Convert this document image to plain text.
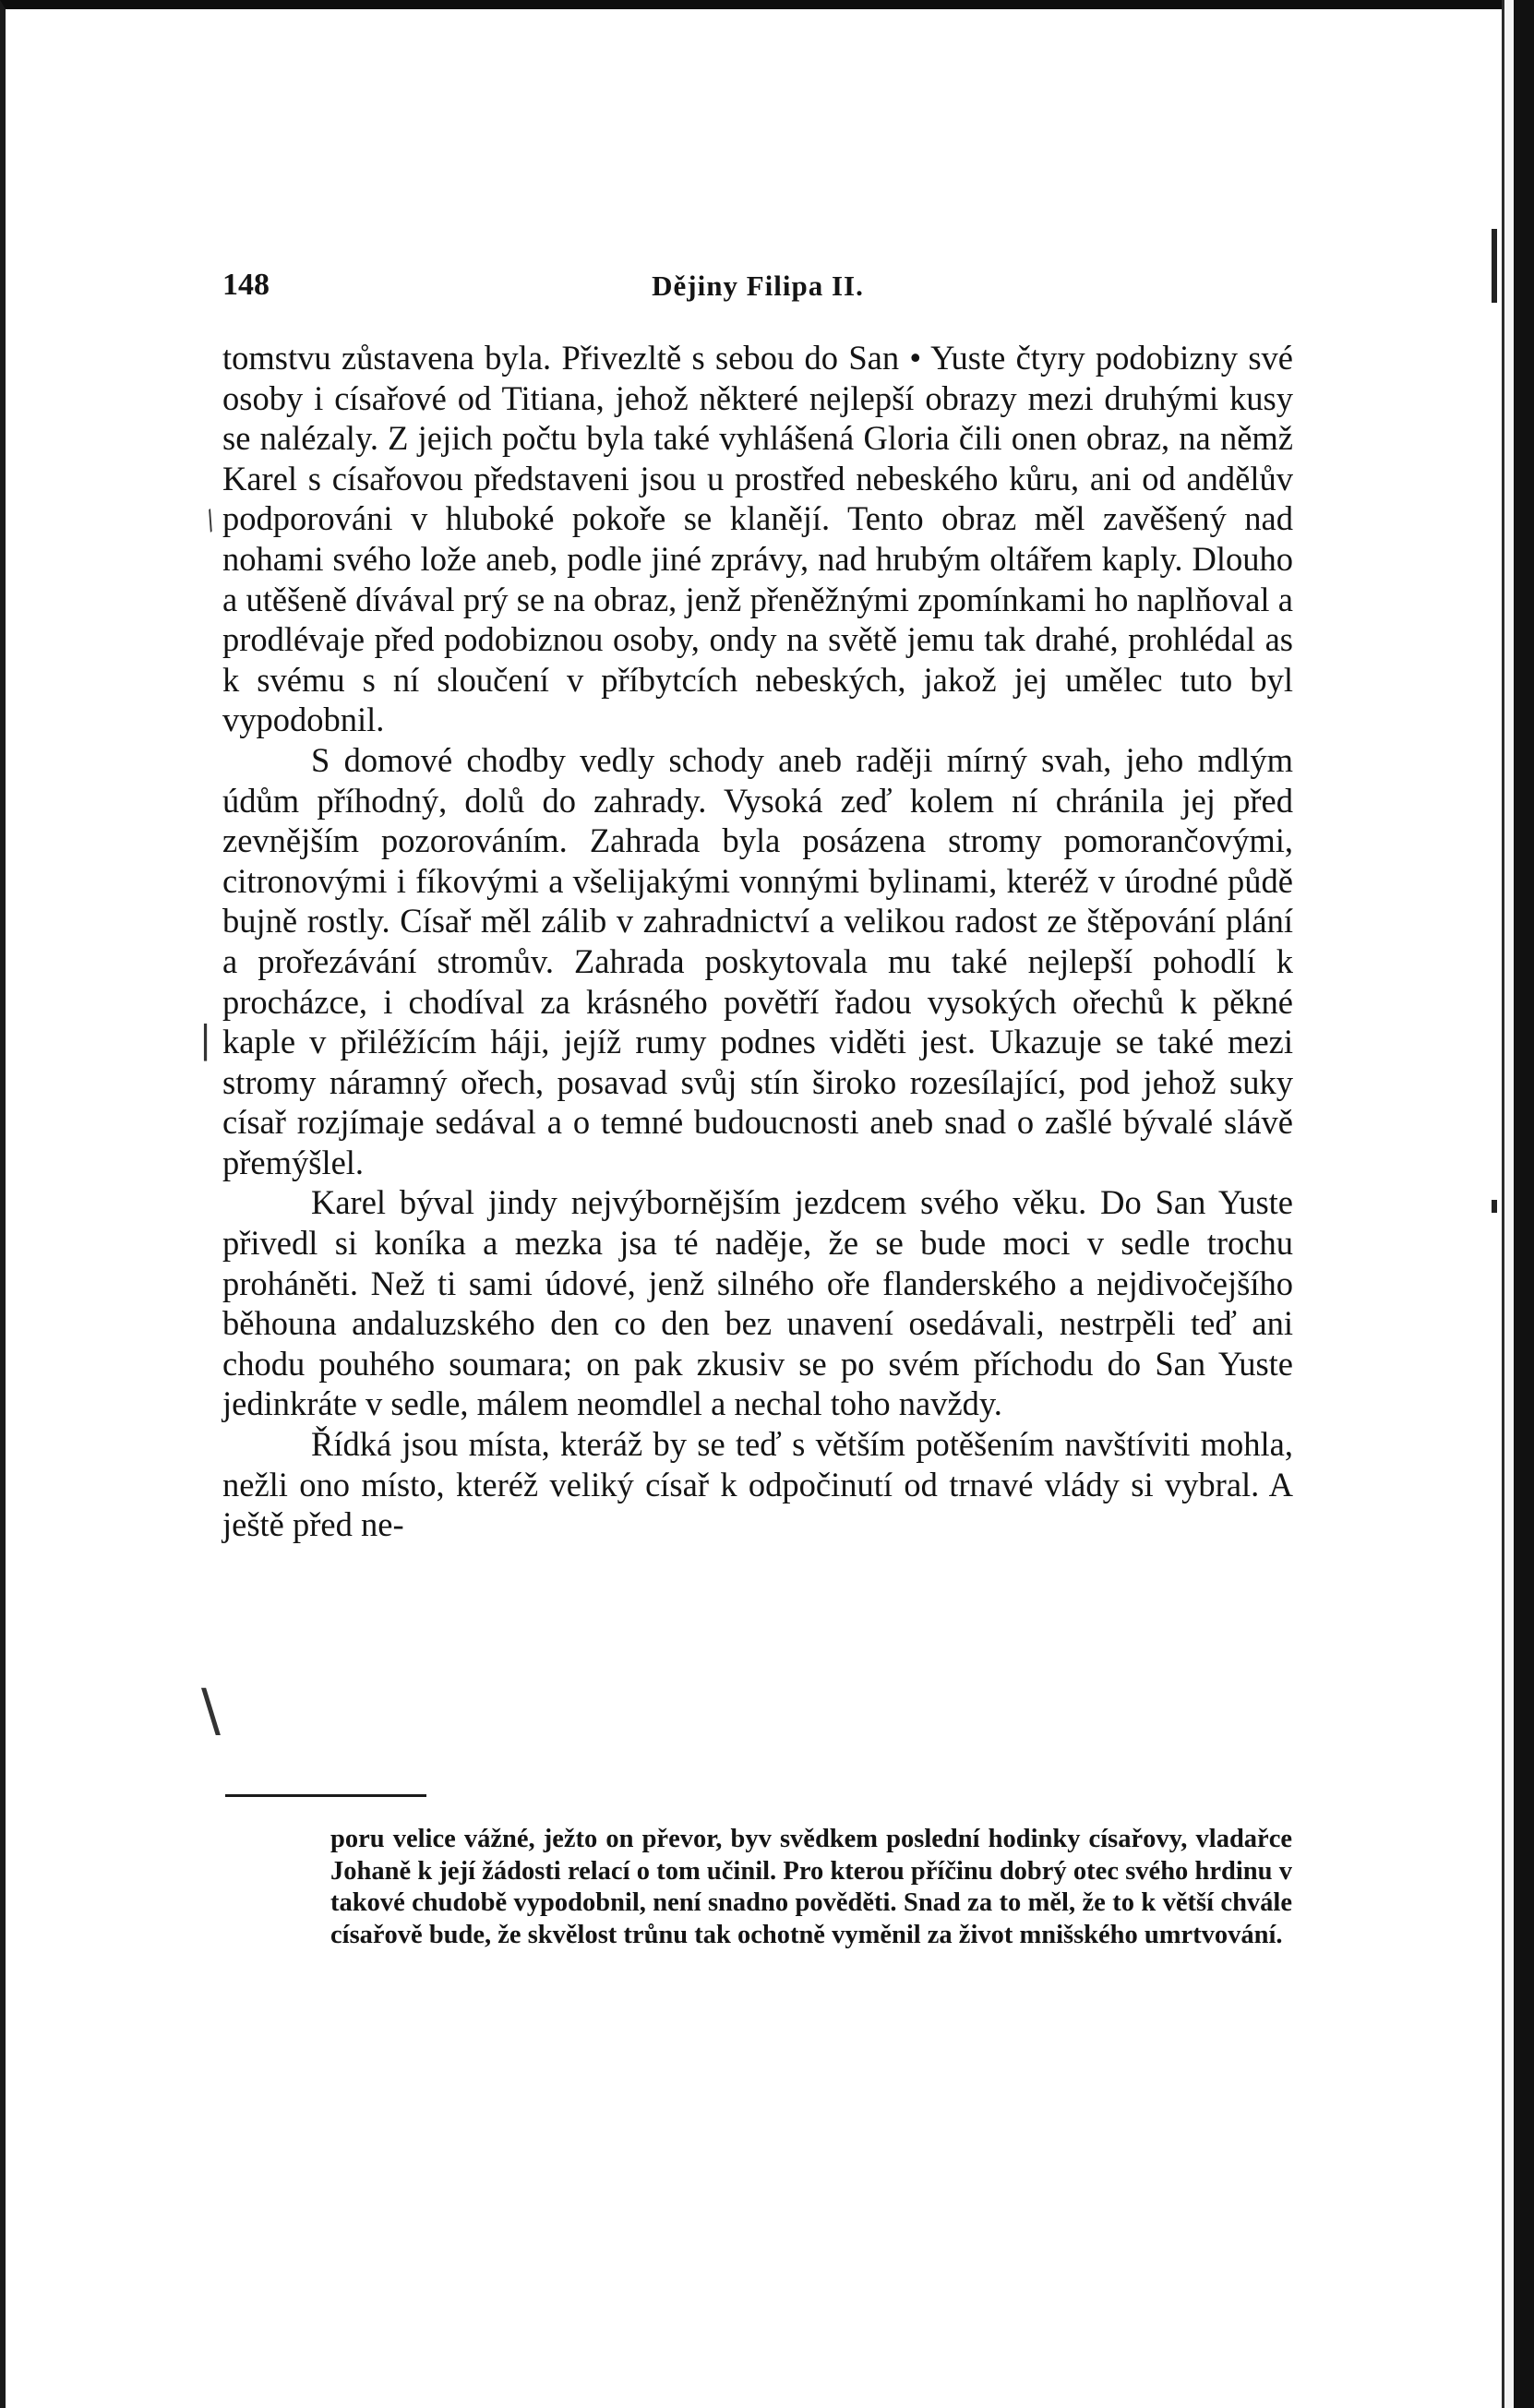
148	Dějiny Filipa II.

tomstvu zůstavena byla. Přivezltě s sebou do San • Yuste čtyry podobizny své osoby i císařové od Titiana, jehož některé nejlepší obrazy mezi druhými kusy se nalézaly. Z jejich počtu byla také vyhlášená Gloria čili onen obraz, na němž Karel s císařovou představeni jsou u prostřed nebeského kůru, ani od andělův podporováni v hluboké pokoře se klanějí. Tento obraz měl zavěšený nad nohami svého lože aneb, podle jiné zprávy, nad hrubým oltářem kaply. Dlouho a utěšeně dívával prý se na obraz, jenž přeněžnými zpomínkami ho naplňoval a prodlévaje před podobiznou osoby, ondy na světě jemu tak drahé, prohlédal as k svému s ní sloučení v příbytcích nebeských, jakož jej umělec tuto byl vypodobnil.

S domové chodby vedly schody aneb raději mírný svah, jeho mdlým údům příhodný, dolů do zahrady. Vysoká zeď kolem ní chránila jej před zevnějším pozorováním. Zahrada byla posázena stromy pomorančovými, citronovými i fíkovými a všelijakými vonnými bylinami, kteréž v úrodné půdě bujně rostly. Císař měl zálib v zahradnictví a velikou radost ze štěpování plání a prořezávání stromův. Zahrada poskytovala mu také nejlepší pohodlí k procházce, i chodíval za krásného povětří řadou vysokých ořechů k pěkné kaple v přiléžícím háji, jejíž rumy podnes viděti jest. Ukazuje se také mezi stromy náramný ořech, posavad svůj stín široko rozesílající, pod jehož suky císař rozjímaje sedával a o temné budoucnosti aneb snad o zašlé bývalé slávě přemýšlel.

Karel býval jindy nejvýbornějším jezdcem svého věku. Do San Yuste přivedl si koníka a mezka jsa té naděje, že se bude moci v sedle trochu proháněti. Než ti sami údové, jenž silného oře flanderského a nejdivočejšího běhouna andaluzského den co den bez unavení osedávali, nestrpěli teď ani chodu pouhého soumara; on pak zkusiv se po svém příchodu do San Yuste jedinkráte v sedle, málem neomdlel a nechal toho navždy.

Řídká jsou místa, kteráž by se teď s větším potěšením navštíviti mohla, nežli ono místo, kteréž veliký císař k odpočinutí od trnavé vlády si vybral. A ještě před ne-

⁄
⎜
\
poru velice vážné, ježto on převor, byv svědkem poslední hodinky císařovy, vladařce Johaně k její žádosti relací o tom učinil. Pro kterou příčinu dobrý otec svého hrdinu v takové chudobě vypodobnil, není snadno pověděti. Snad za to měl, že to k větší chvále císařově bude, že skvělost trůnu tak ochotně vyměnil za život mnišského umrtvování.
